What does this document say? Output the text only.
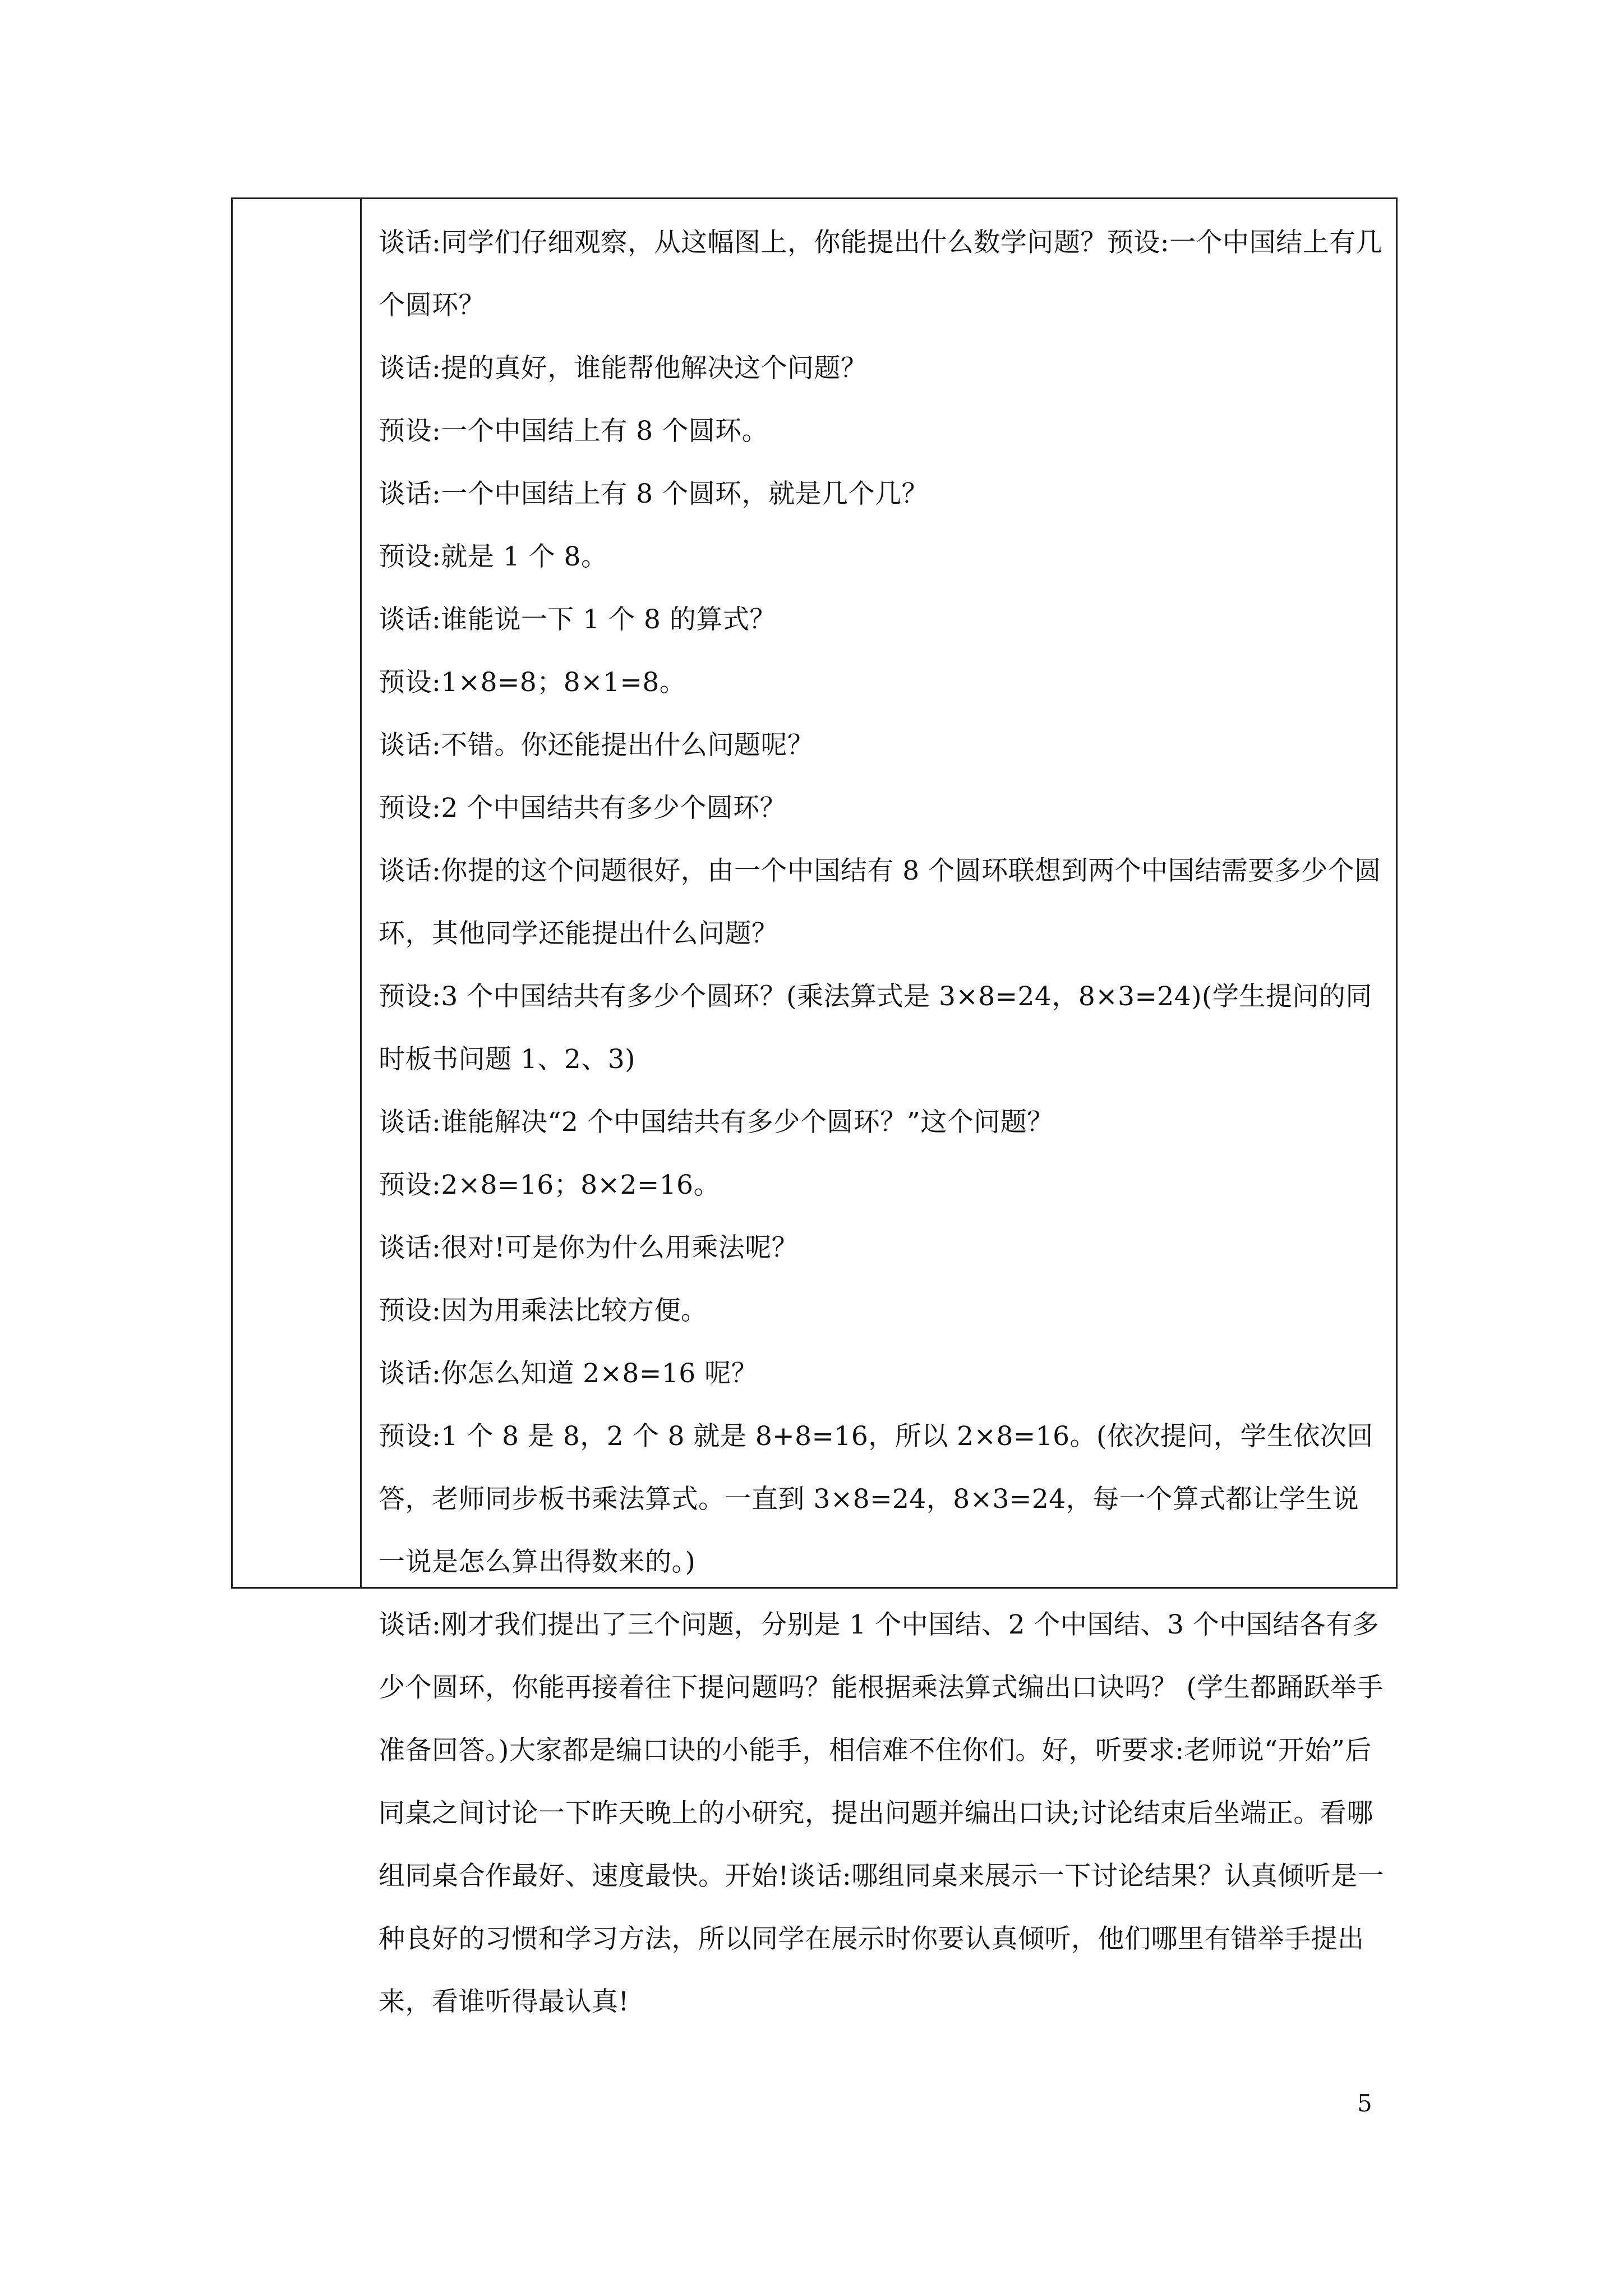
谈话:同学们仔细观察，从这幅图上，你能提出什么数学问题？预设:一个中国结上有几个圆环？

谈话:提的真好，谁能帮他解决这个问题？

预设:一个中国结上有 8 个圆环。

谈话:一个中国结上有 8 个圆环，就是几个几？

预设:就是 1 个 8。

谈话:谁能说一下 1 个 8 的算式？

预设:1×8=8；8×1=8。

谈话:不错。你还能提出什么问题呢？

预设:2 个中国结共有多少个圆环？

谈话:你提的这个问题很好，由一个中国结有 8 个圆环联想到两个中国结需要多少个圆环，其他同学还能提出什么问题？

预设:3 个中国结共有多少个圆环？(乘法算式是 3×8=24，8×3=24)(学生提问的同时板书问题 1、2、3)

谈话:谁能解决“2 个中国结共有多少个圆环？”这个问题？

预设:2×8=16；8×2=16。

谈话:很对!可是你为什么用乘法呢？

预设:因为用乘法比较方便。

谈话:你怎么知道 2×8=16 呢？

预设:1 个 8 是 8，2 个 8 就是 8+8=16，所以 2×8=16。(依次提问，学生依次回答，老师同步板书乘法算式。一直到 3×8=24，8×3=24，每一个算式都让学生说一说是怎么算出得数来的。)

谈话:刚才我们提出了三个问题，分别是 1 个中国结、2 个中国结、3 个中国结各有多少个圆环，你能再接着往下提问题吗？能根据乘法算式编出口诀吗？ (学生都踊跃举手准备回答。)大家都是编口诀的小能手，相信难不住你们。好，听要求:老师说“开始”后同桌之间讨论一下昨天晚上的小研究，提出问题并编出口诀;讨论结束后坐端正。看哪组同桌合作最好、速度最快。开始!谈话:哪组同桌来展示一下讨论结果？认真倾听是一种良好的习惯和学习方法，所以同学在展示时你要认真倾听，他们哪里有错举手提出来，看谁听得最认真!

5
